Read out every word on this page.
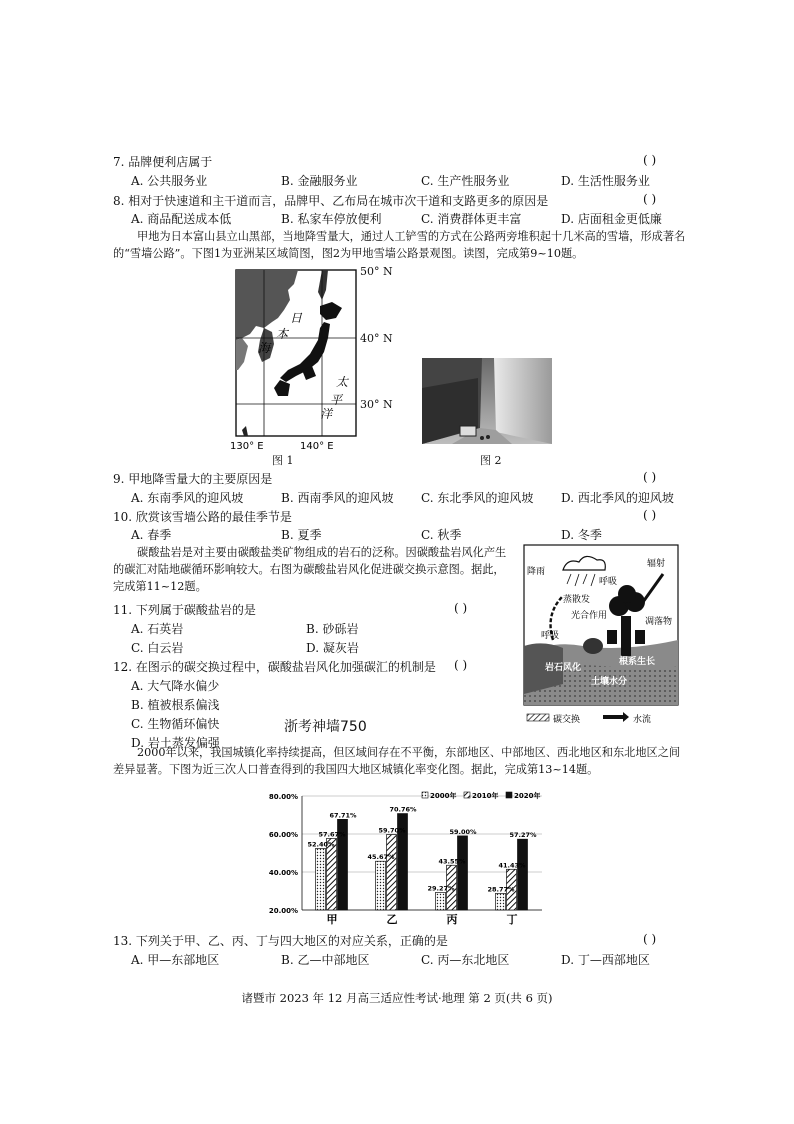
7. 品牌便利店属于	( )
A. 公共服务业	B. 金融服务业	C. 生产性服务业	D. 生活性服务业
8. 相对于快速道和主干道而言，品牌甲、乙布局在城市次干道和支路更多的原因是	( )
A. 商品配送成本低	B. 私家车停放便利	C. 消费群体更丰富	D. 店面租金更低廉
甲地为日本富山县立山黑部，当地降雪量大，通过人工铲雪的方式在公路两旁堆积起十几米高的雪墙，形成著名的“雪墙公路”。下图1为亚洲某区域简图，图2为甲地雪墙公路景观图。读图，完成第9~10题。
日
本
海
太
平
洋
甲
130° E	140° E
50° N
40° N
30° N
图 1	图 2
9. 甲地降雪量大的主要原因是	( )
A. 东南季风的迎风坡	B. 西南季风的迎风坡 C. 东北季风的迎风坡 D. 西北季风的迎风坡
10. 欣赏该雪墙公路的最佳季节是	( )
A. 春季	B. 夏季	C. 秋季	D. 冬季
碳酸盐岩是对主要由碳酸盐类矿物组成的岩石的泛称。因碳酸盐岩风化产生的碳汇对陆地碳循环影响较大。右图为碳酸盐岩风化促进碳交换示意图。据此，完成第11~12题。
11. 下列属于碳酸盐岩的是	( )
A. 石英岩	B. 砂砾岩
C. 白云岩	D. 凝灰岩
12. 在图示的碳交换过程中，碳酸盐岩风化加强碳汇的机制是 ( )
A. 大气降水偏少
B. 植被根系偏浅
C. 生物循环偏快
D. 岩土蒸发偏强
浙考神墙750
降雨
呼吸
辐射
蒸散发
光合作用
呼吸
凋落物
根系生长
岩石风化
土壤水分
碳交换	水流
2000年以来，我国城镇化率持续提高，但区域间存在不平衡，东部地区、中部地区、西北地区和东北地区之间差异显著。下图为近三次人口普查得到的我国四大地区城镇化率变化图。据此，完成第13~14题。
80.00%
60.00%
40.00%
20.00%
52.40%
57.67%
67.71%
甲
45.67%
59.70%
70.76%
乙
29.27%
43.55%
59.00%
丙
28.77%
41.43%
57.27%
丁
2000年 2010年 2020年
13. 下列关于甲、乙、丙、丁与四大地区的对应关系，正确的是	( )
A. 甲—东部地区	B. 乙—中部地区	C. 丙—东北地区	D. 丁—西部地区
诸暨市 2023 年 12 月高三适应性考试·地理 第 2 页(共 6 页)
